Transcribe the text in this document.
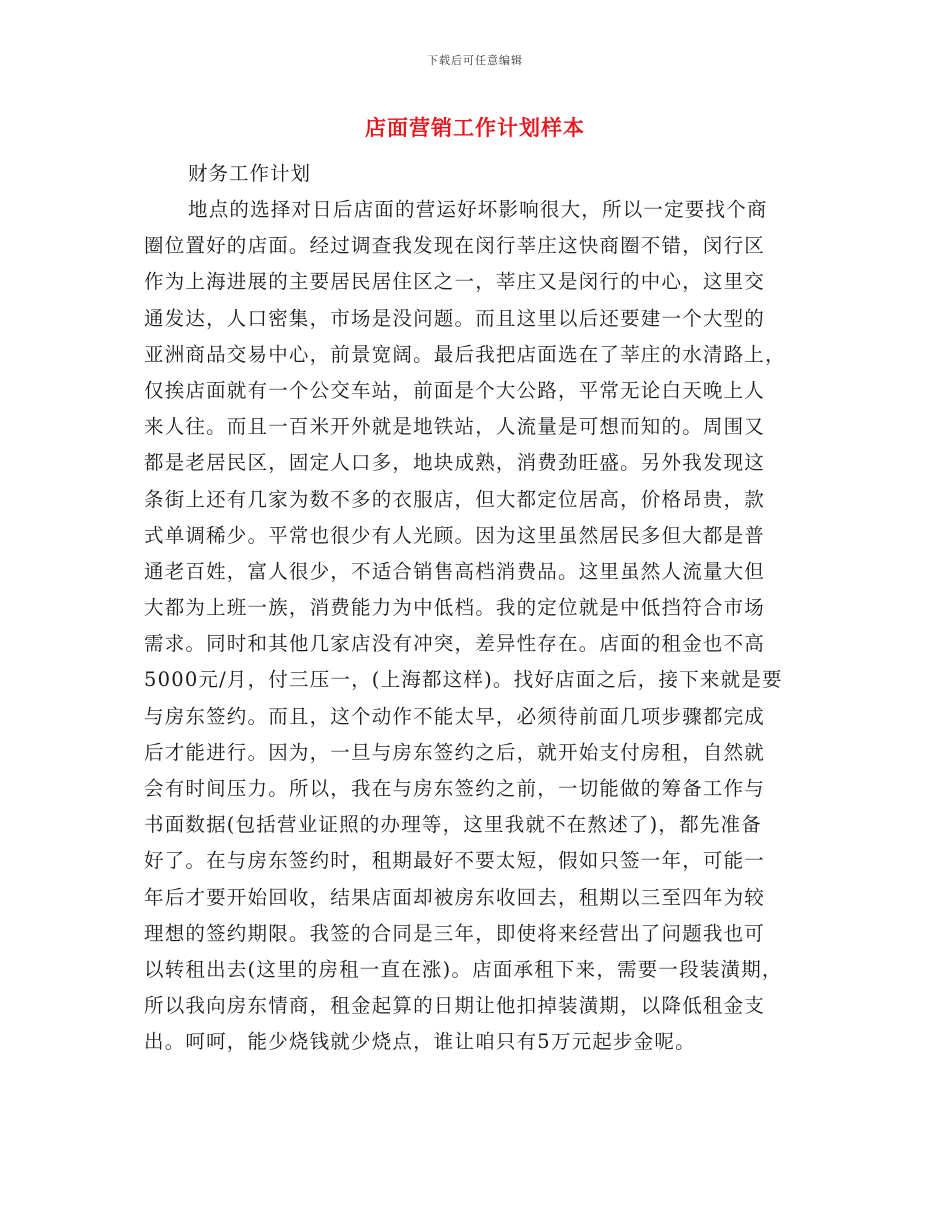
下载后可任意编辑
店面营销工作计划样本
财务工作计划
地点的选择对日后店面的营运好坏影响很大，所以一定要找个商
圈位置好的店面。经过调查我发现在闵行莘庄这快商圈不错，闵行区
作为上海进展的主要居民居住区之一，莘庄又是闵行的中心，这里交
通发达，人口密集，市场是没问题。而且这里以后还要建一个大型的
亚洲商品交易中心，前景宽阔。最后我把店面选在了莘庄的水清路上，
仅挨店面就有一个公交车站，前面是个大公路，平常无论白天晚上人
来人往。而且一百米开外就是地铁站，人流量是可想而知的。周围又
都是老居民区，固定人口多，地块成熟，消费劲旺盛。另外我发现这
条街上还有几家为数不多的衣服店，但大都定位居高，价格昂贵，款
式单调稀少。平常也很少有人光顾。因为这里虽然居民多但大都是普
通老百姓，富人很少，不适合销售高档消费品。这里虽然人流量大但
大都为上班一族，消费能力为中低档。我的定位就是中低挡符合市场
需求。同时和其他几家店没有冲突，差异性存在。店面的租金也不高
5000元/月，付三压一，(上海都这样)。找好店面之后，接下来就是要
与房东签约。而且，这个动作不能太早，必须待前面几项步骤都完成
后才能进行。因为，一旦与房东签约之后，就开始支付房租，自然就
会有时间压力。所以，我在与房东签约之前，一切能做的筹备工作与
书面数据(包括营业证照的办理等，这里我就不在熬述了)，都先准备
好了。在与房东签约时，租期最好不要太短，假如只签一年，可能一
年后才要开始回收，结果店面却被房东收回去，租期以三至四年为较
理想的签约期限。我签的合同是三年，即使将来经营出了问题我也可
以转租出去(这里的房租一直在涨)。店面承租下来，需要一段装潢期，
所以我向房东情商，租金起算的日期让他扣掉装潢期，以降低租金支
出。呵呵，能少烧钱就少烧点，谁让咱只有5万元起步金呢。
